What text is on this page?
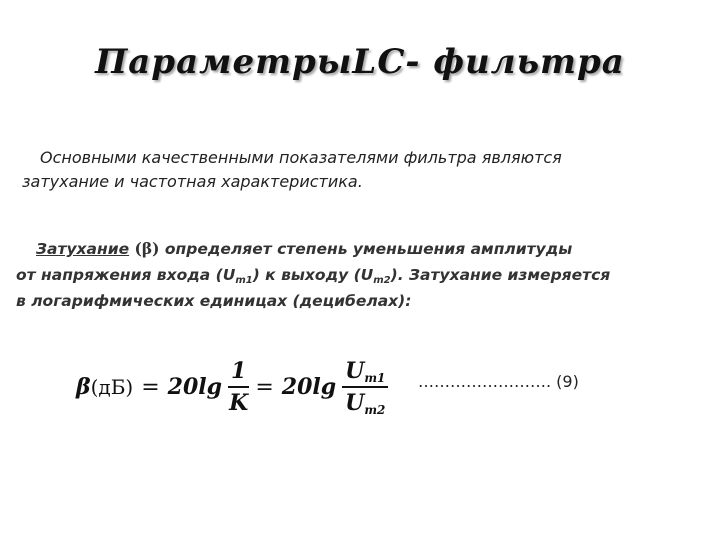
ПараметрыLC- фильтра
Основными качественными показателями фильтра являются
затухание и частотная характеристика.
Затухание (β) определяет степень уменьшения амплитуды
от напряжения входа $(U_{m1})$ к выходу $(U_{m2})$. Затухание измеряется
в логарифмических единицах (децибелах):
β $(дБ) = 20\lg \frac{1}{K} = 20\lg \frac{U_{m1}}{U_{m2}}$ ……………………. (9)
